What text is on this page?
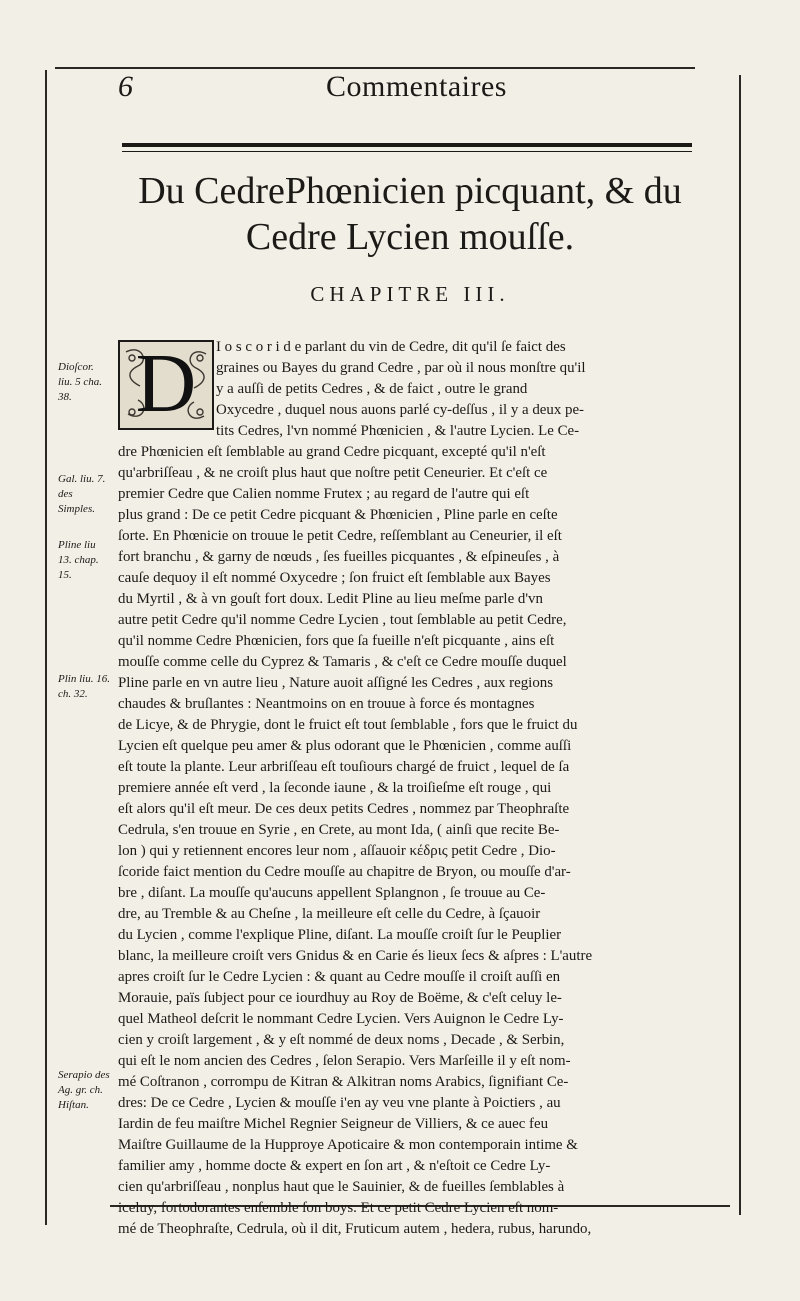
6	Commentaires
Du CedrePhœnicien picquant, & du
Cedre Lycien mouſſe.
CHAPITRE III.
Dioſcor. liu. 5 cha. 38.
Gal. liu. 7. des Simples.
Pline liu 13. chap. 15.
Plin liu. 16. ch. 32.
Serapio des Ag. gr. ch. Hiſtan.
I o s c o r i d e parlant du vin de Cedre, dit qu'il ſe faict des
graines ou Bayes du grand Cedre , par où il nous monſtre qu'il
y a auſſi de petits Cedres , & de faict , outre le grand
Oxycedre , duquel nous auons parlé cy-deſſus , il y a deux pe-
tits Cedres, l'vn nommé Phœnicien , & l'autre Lycien. Le Ce-
dre Phœnicien eſt ſemblable au grand Cedre picquant, excepté qu'il n'eſt
qu'arbriſſeau , & ne croiſt plus haut que noſtre petit Ceneurier. Et c'eſt ce
premier Cedre que Calien nomme Frutex ; au regard de l'autre qui eſt
plus grand : De ce petit Cedre picquant & Phœnicien , Pline parle en ceſte
ſorte. En Phœnicie on trouue le petit Cedre, reſſemblant au Ceneurier, il eſt
fort branchu , & garny de nœuds , ſes fueilles picquantes , & eſpineuſes , à
cauſe dequoy il eſt nommé Oxycedre ; ſon fruict eſt ſemblable aux Bayes
du Myrtil , & à vn gouſt fort doux. Ledit Pline au lieu meſme parle d'vn
autre petit Cedre qu'il nomme Cedre Lycien , tout ſemblable au petit Cedre,
qu'il nomme Cedre Phœnicien, fors que ſa fueille n'eſt picquante , ains eſt
mouſſe comme celle du Cyprez & Tamaris , & c'eſt ce Cedre mouſſe duquel
Pline parle en vn autre lieu , Nature auoit aſſigné les Cedres , aux regions
chaudes & bruſlantes : Neantmoins on en trouue à force és montagnes
de Licye, & de Phrygie, dont le fruict eſt tout ſemblable , fors que le fruict du
Lycien eſt quelque peu amer & plus odorant que le Phœnicien , comme auſſi
eſt toute la plante. Leur arbriſſeau eſt touſiours chargé de fruict , lequel de ſa
premiere année eſt verd , la ſeconde iaune , & la troiſieſme eſt rouge , qui
eſt alors qu'il eſt meur. De ces deux petits Cedres , nommez par Theophraſte
Cedrula, s'en trouue en Syrie , en Crete, au mont Ida, ( ainſi que recite Be-
lon ) qui y retiennent encores leur nom , aſſauoir κέδρις petit Cedre , Dio-
ſcoride faict mention du Cedre mouſſe au chapitre de Bryon, ou mouſſe d'ar-
bre , diſant. La mouſſe qu'aucuns appellent Splangnon , ſe trouue au Ce-
dre, au Tremble & au Cheſne , la meilleure eſt celle du Cedre, à ſçauoir
du Lycien , comme l'explique Pline, diſant. La mouſſe croiſt ſur le Peuplier
blanc, la meilleure croiſt vers Gnidus & en Carie és lieux ſecs & aſpres : L'autre
apres croiſt ſur le Cedre Lycien : & quant au Cedre mouſſe il croiſt auſſi en
Morauie, païs ſubject pour ce iourdhuy au Roy de Boëme, & c'eſt celuy le-
quel Matheol deſcrit le nommant Cedre Lycien. Vers Auignon le Cedre Ly-
cien y croiſt largement , & y eſt nommé de deux noms , Decade , & Serbin,
qui eſt le nom ancien des Cedres , ſelon Serapio. Vers Marſeille il y eſt nom-
mé Coſtranon , corrompu de Kitran & Alkitran noms Arabics, ſignifiant Ce-
dres: De ce Cedre , Lycien & mouſſe i'en ay veu vne plante à Poictiers , au
Iardin de feu maiſtre Michel Regnier Seigneur de Villiers, & ce auec feu
Maiſtre Guillaume de la Hupproye Apoticaire & mon contemporain intime &
familier amy , homme docte & expert en ſon art , & n'eſtoit ce Cedre Ly-
cien qu'arbriſſeau , nonplus haut que le Sauinier, & de fueilles ſemblables à
iceluy, fortodorantes enſemble ſon boys. Et ce petit Cedre Lycien eſt nom-
mé de Theophraſte, Cedrula, où il dit, Fruticum autem , hedera, rubus, harundo,
D
